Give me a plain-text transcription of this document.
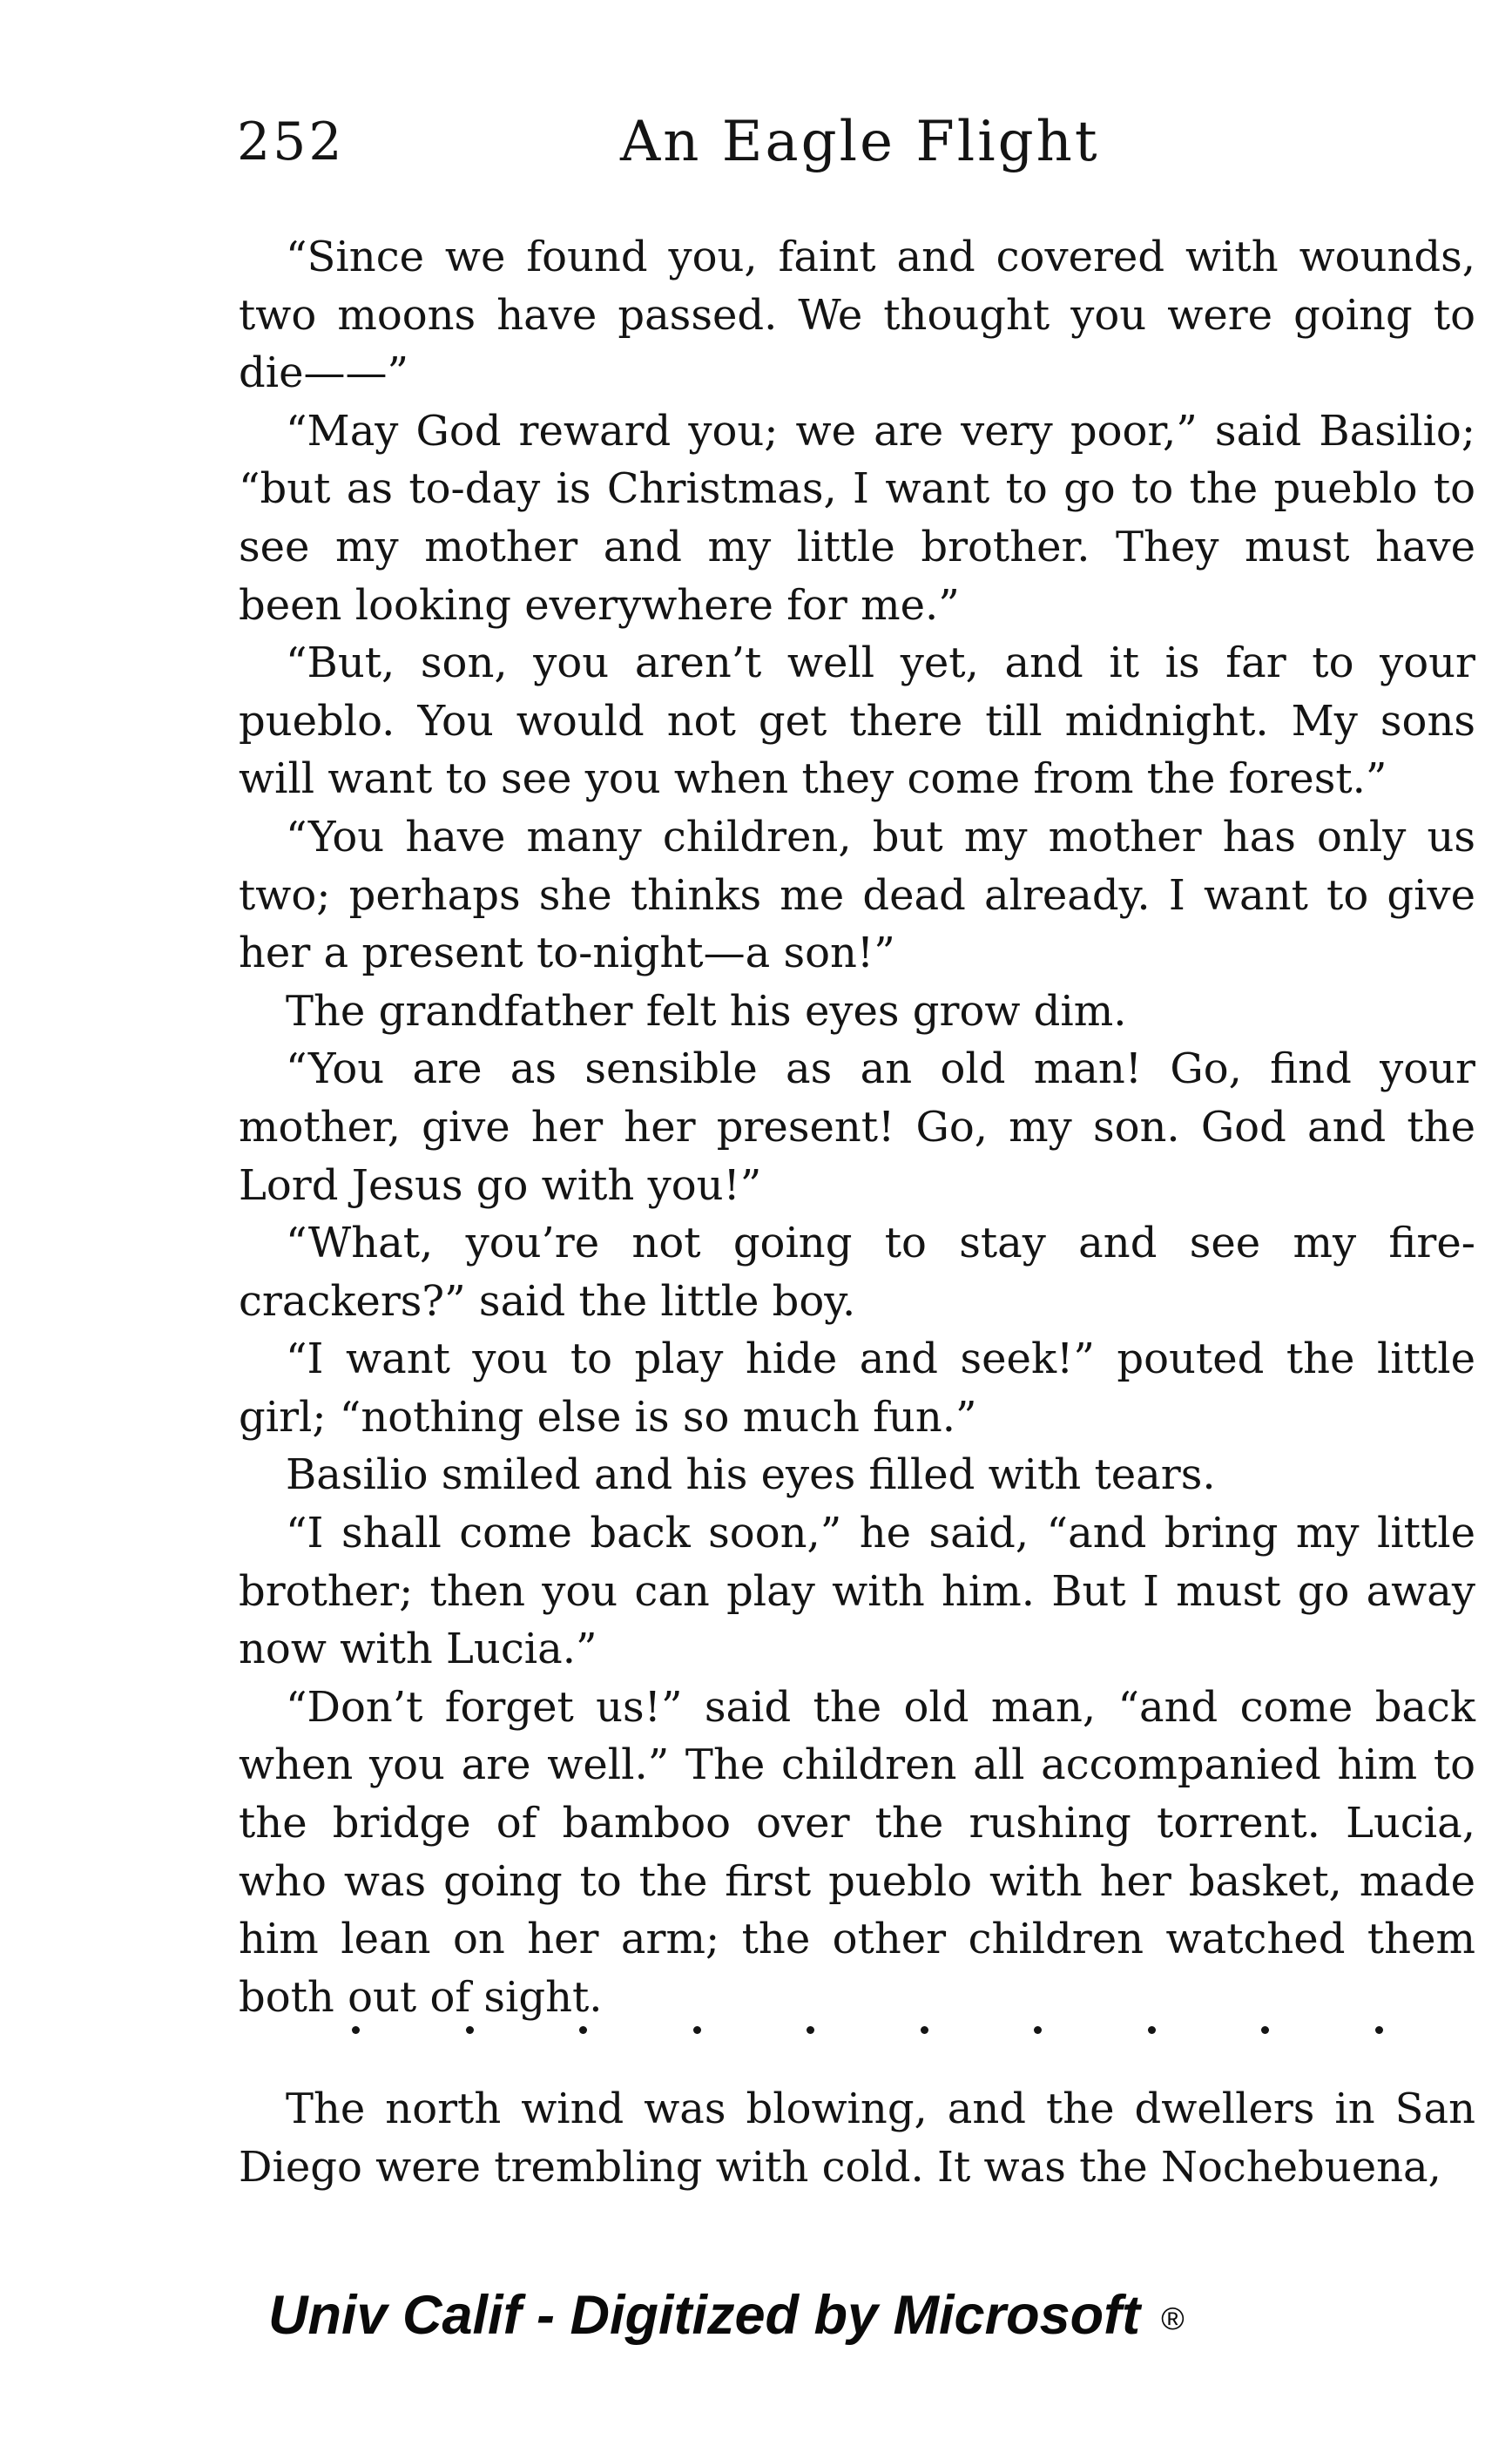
252	An Eagle Flight

“Since we found you, faint and covered with wounds, two moons have passed. We thought you were going to die——”

“May God reward you; we are very poor,” said Basilio; “but as to-day is Christmas, I want to go to the pueblo to see my mother and my little brother. They must have been looking everywhere for me.”

“But, son, you aren’t well yet, and it is far to your pueblo. You would not get there till midnight. My sons will want to see you when they come from the forest.”

“You have many children, but my mother has only us two; perhaps she thinks me dead already. I want to give her a present to-night—a son!”

The grandfather felt his eyes grow dim.

“You are as sensible as an old man! Go, find your mother, give her her present! Go, my son. God and the Lord Jesus go with you!”

“What, you’re not going to stay and see my fire-crackers?” said the little boy.

“I want you to play hide and seek!” pouted the little girl; “nothing else is so much fun.”

Basilio smiled and his eyes filled with tears.

“I shall come back soon,” he said, “and bring my little brother; then you can play with him. But I must go away now with Lucia.”

“Don’t forget us!” said the old man, “and come back when you are well.” The children all accompanied him to the bridge of bamboo over the rushing torrent. Lucia, who was going to the first pueblo with her basket, made him lean on her arm; the other children watched them both out of sight.

The north wind was blowing, and the dwellers in San Diego were trembling with cold. It was the Nochebuena,

Univ Calif - Digitized by Microsoft ®
